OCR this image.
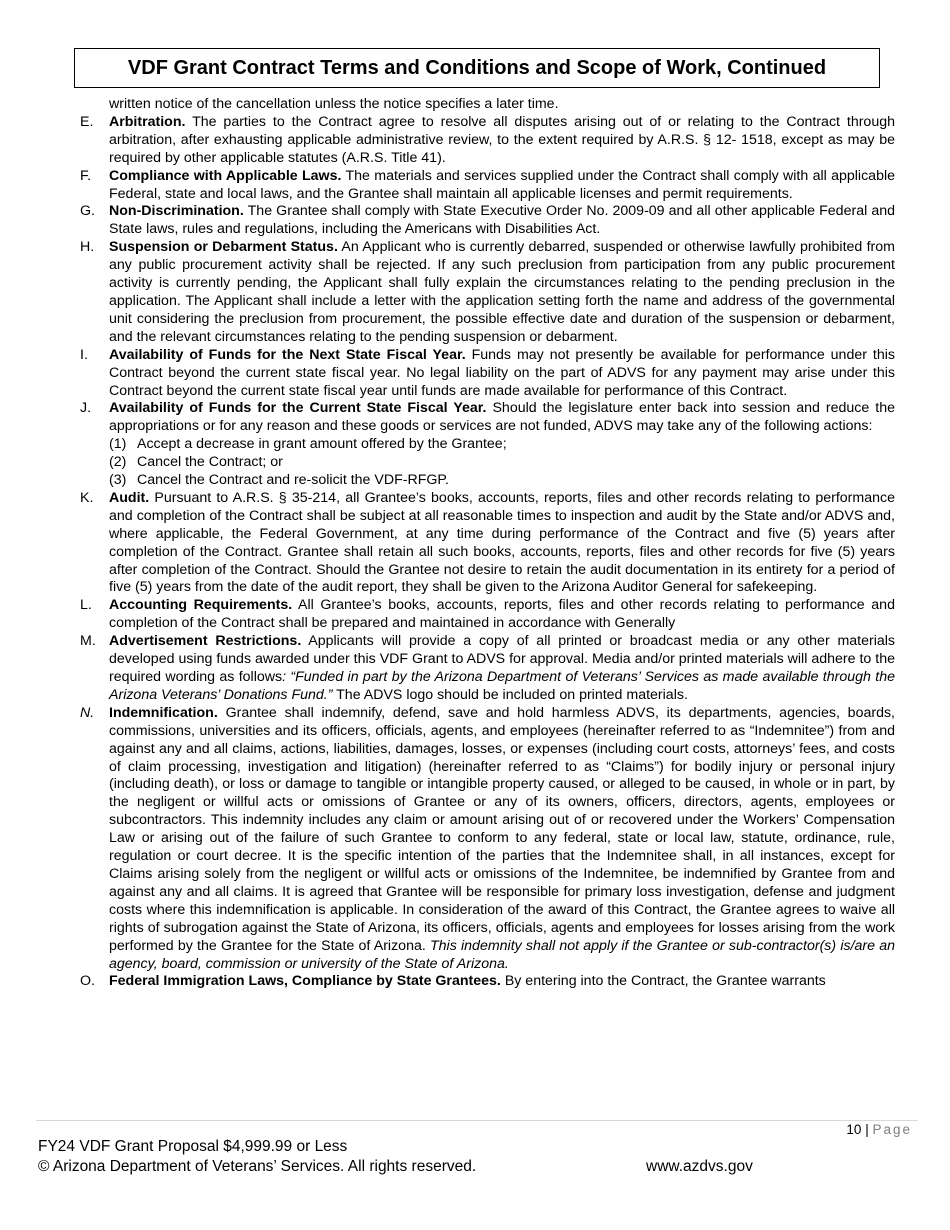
VDF Grant Contract Terms and Conditions and Scope of Work, Continued
written notice of the cancellation unless the notice specifies a later time.
E.	Arbitration. The parties to the Contract agree to resolve all disputes arising out of or relating to the Contract through arbitration, after exhausting applicable administrative review, to the extent required by A.R.S. § 12- 1518, except as may be required by other applicable statutes (A.R.S. Title 41).
F.	Compliance with Applicable Laws. The materials and services supplied under the Contract shall comply with all applicable Federal, state and local laws, and the Grantee shall maintain all applicable licenses and permit requirements.
G. Non-Discrimination. The Grantee shall comply with State Executive Order No. 2009-09 and all other applicable Federal and State laws, rules and regulations, including the Americans with Disabilities Act.
H.	Suspension or Debarment Status. An Applicant who is currently debarred, suspended or otherwise lawfully prohibited from any public procurement activity shall be rejected. If any such preclusion from participation from any public procurement activity is currently pending, the Applicant shall fully explain the circumstances relating to the pending preclusion in the application. The Applicant shall include a letter with the application setting forth the name and address of the governmental unit considering the preclusion from procurement, the possible effective date and duration of the suspension or debarment, and the relevant circumstances relating to the pending suspension or debarment.
I.	Availability of Funds for the Next State Fiscal Year. Funds may not presently be available for performance under this Contract beyond the current state fiscal year. No legal liability on the part of ADVS for any payment may arise under this Contract beyond the current state fiscal year until funds are made available for performance of this Contract.
J.	Availability of Funds for the Current State Fiscal Year. Should the legislature enter back into session and reduce the appropriations or for any reason and these goods or services are not funded, ADVS may take any of the following actions:
(1) Accept a decrease in grant amount offered by the Grantee;
(2) Cancel the Contract; or
(3) Cancel the Contract and re-solicit the VDF-RFGP.
K.	Audit. Pursuant to A.R.S. § 35-214, all Grantee’s books, accounts, reports, files and other records relating to performance and completion of the Contract shall be subject at all reasonable times to inspection and audit by the State and/or ADVS and, where applicable, the Federal Government, at any time during performance of the Contract and five (5) years after completion of the Contract. Grantee shall retain all such books, accounts, reports, files and other records for five (5) years after completion of the Contract. Should the Grantee not desire to retain the audit documentation in its entirety for a period of five (5) years from the date of the audit report, they shall be given to the Arizona Auditor General for safekeeping.
L.	Accounting Requirements. All Grantee’s books, accounts, reports, files and other records relating to performance and completion of the Contract shall be prepared and maintained in accordance with Generally
M. Advertisement Restrictions. Applicants will provide a copy of all printed or broadcast media or any other materials developed using funds awarded under this VDF Grant to ADVS for approval. Media and/or printed materials will adhere to the required wording as follows: “Funded in part by the Arizona Department of Veterans’ Services as made available through the Arizona Veterans’ Donations Fund.” The ADVS logo should be included on printed materials.
N.	Indemnification. Grantee shall indemnify, defend, save and hold harmless ADVS, its departments, agencies, boards, commissions, universities and its officers, officials, agents, and employees (hereinafter referred to as “Indemnitee”) from and against any and all claims, actions, liabilities, damages, losses, or expenses (including court costs, attorneys’ fees, and costs of claim processing, investigation and litigation) (hereinafter referred to as “Claims”) for bodily injury or personal injury (including death), or loss or damage to tangible or intangible property caused, or alleged to be caused, in whole or in part, by the negligent or willful acts or omissions of Grantee or any of its owners, officers, directors, agents, employees or subcontractors. This indemnity includes any claim or amount arising out of or recovered under the Workers’ Compensation Law or arising out of the failure of such Grantee to conform to any federal, state or local law, statute, ordinance, rule, regulation or court decree. It is the specific intention of the parties that the Indemnitee shall, in all instances, except for Claims arising solely from the negligent or willful acts or omissions of the Indemnitee, be indemnified by Grantee from and against any and all claims. It is agreed that Grantee will be responsible for primary loss investigation, defense and judgment costs where this indemnification is applicable. In consideration of the award of this Contract, the Grantee agrees to waive all rights of subrogation against the State of Arizona, its officers, officials, agents and employees for losses arising from the work performed by the Grantee for the State of Arizona. This indemnity shall not apply if the Grantee or sub-contractor(s) is/are an agency, board, commission or university of the State of Arizona.
O. Federal Immigration Laws, Compliance by State Grantees. By entering into the Contract, the Grantee warrants
10 | Page
FY24 VDF Grant Proposal $4,999.99 or Less
© Arizona Department of Veterans’ Services. All rights reserved.	www.azdvs.gov
